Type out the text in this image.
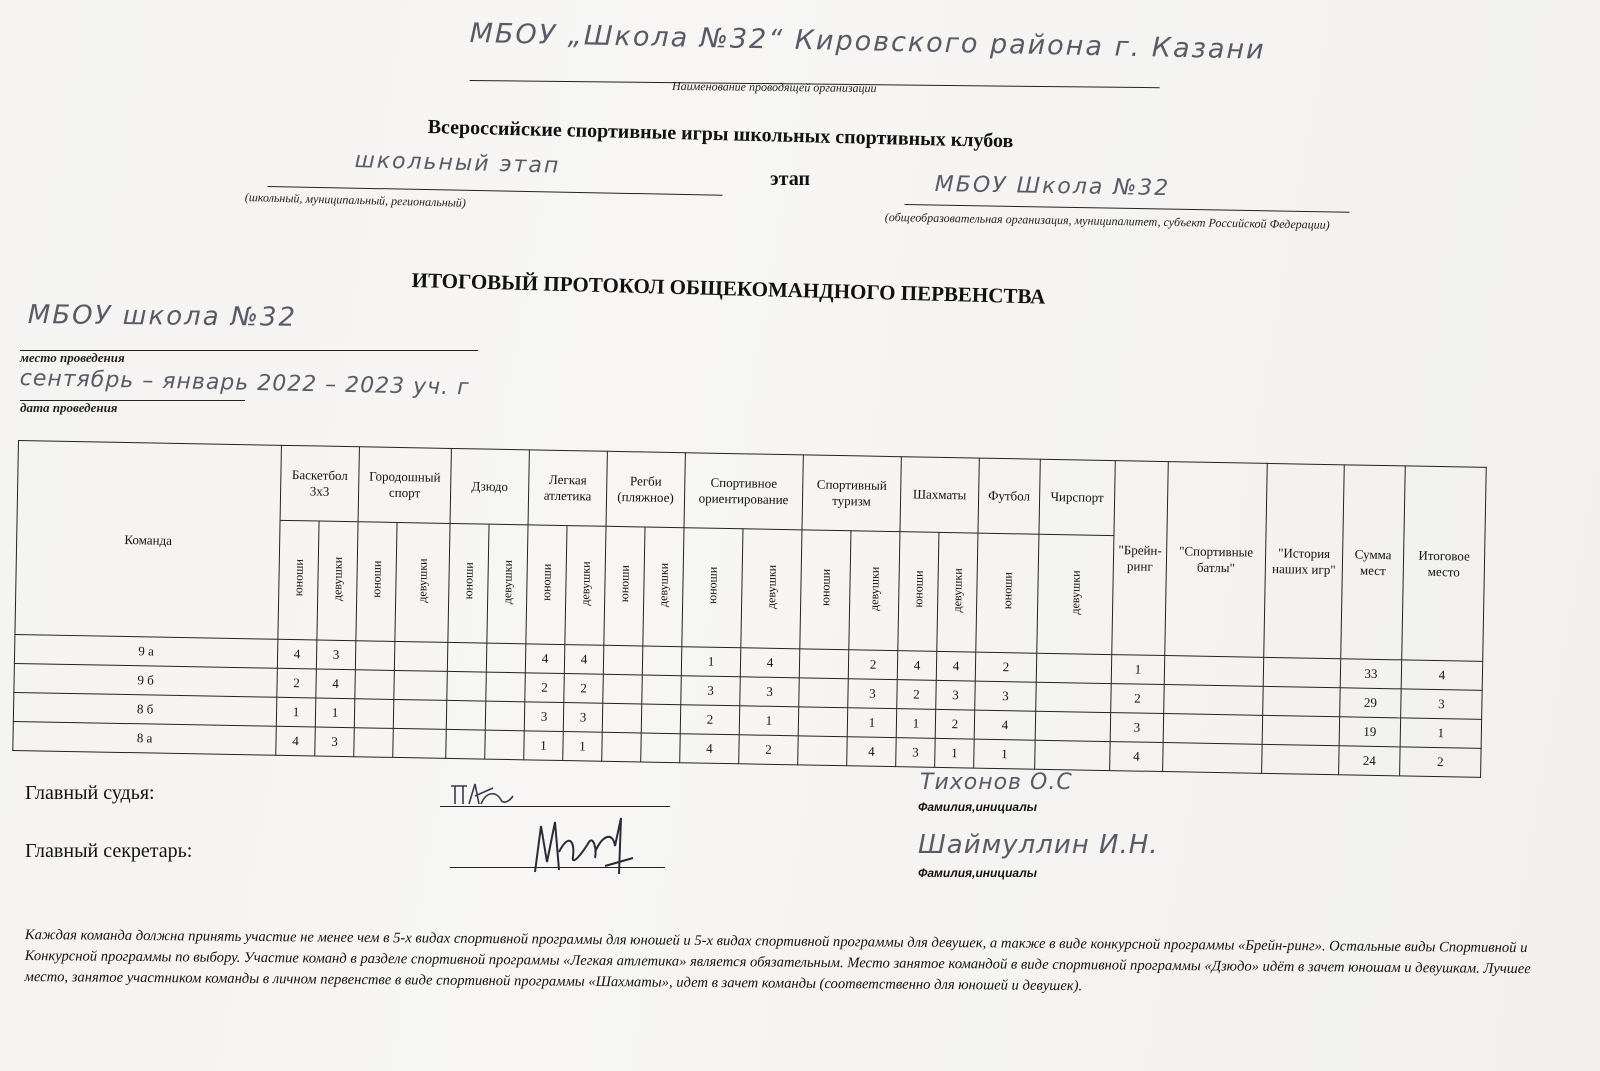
МБОУ „Школа №32“ Кировского района г. Казани
Наименование проводящей организации
Всероссийские спортивные игры школьных спортивных клубов
школьный этап
(школьный, муниципальный, региональный)
этап	МБОУ Школа №32
(общеобразовательная организация, муниципалитет, субъект Российской Федерации)
ИТОГОВЫЙ ПРОТОКОЛ ОБЩЕКОМАНДНОГО ПЕРВЕНСТВА
МБОУ школа №32
место проведения
сентябрь – январь 2022 – 2023 уч. г
дата проведения
Команда	Баскетбол 3х3		Городошный спорт		Дзюдо		Легкая атлетика		Регби (пляжное)		Спортивное ориентирование		Спортивный туризм		Шахматы		Футбол	Чирспорт	"Брейн-ринг	"Спортивные батлы"	"История наших игр"	Сумма мест	Итоговое место
	юноши	девушки	юноши	девушки	юноши	девушки	юноши	девушки	юноши	девушки	юноши	девушки	юноши	девушки	юноши	девушки	юноши	девушки					
9 а	4	3					4	4			1	4		2	4	4	2		1			33	4
9 б	2	4					2	2			3	3		3	2	3	3		2			29	3
8 б	1	1					3	3			2	1		1	1	2	4		3			19	1
8 а	4	3					1	1			4	2		4	3	1	1		4			24	2
Главный судья:	Тихонов О.С
Фамилия,инициалы
Главный секретарь:	Шаймуллин И.Н.
Фамилия,инициалы
Каждая команда должна принять участие не менее чем в 5-х видах спортивной программы для юношей и 5-х видах спортивной программы для девушек, а также в виде конкурсной программы «Брейн-ринг». Остальные виды Спортивной и Конкурсной программы по выбору. Участие команд в разделе спортивной программы «Легкая атлетика» является обязательным. Место занятое командой в виде спортивной программы «Дзюдо» идёт в зачет юношам и девушкам. Лучшее место, занятое участником команды в личном первенстве в виде спортивной программы «Шахматы», идет в зачет команды (соответственно для юношей и девушек).
